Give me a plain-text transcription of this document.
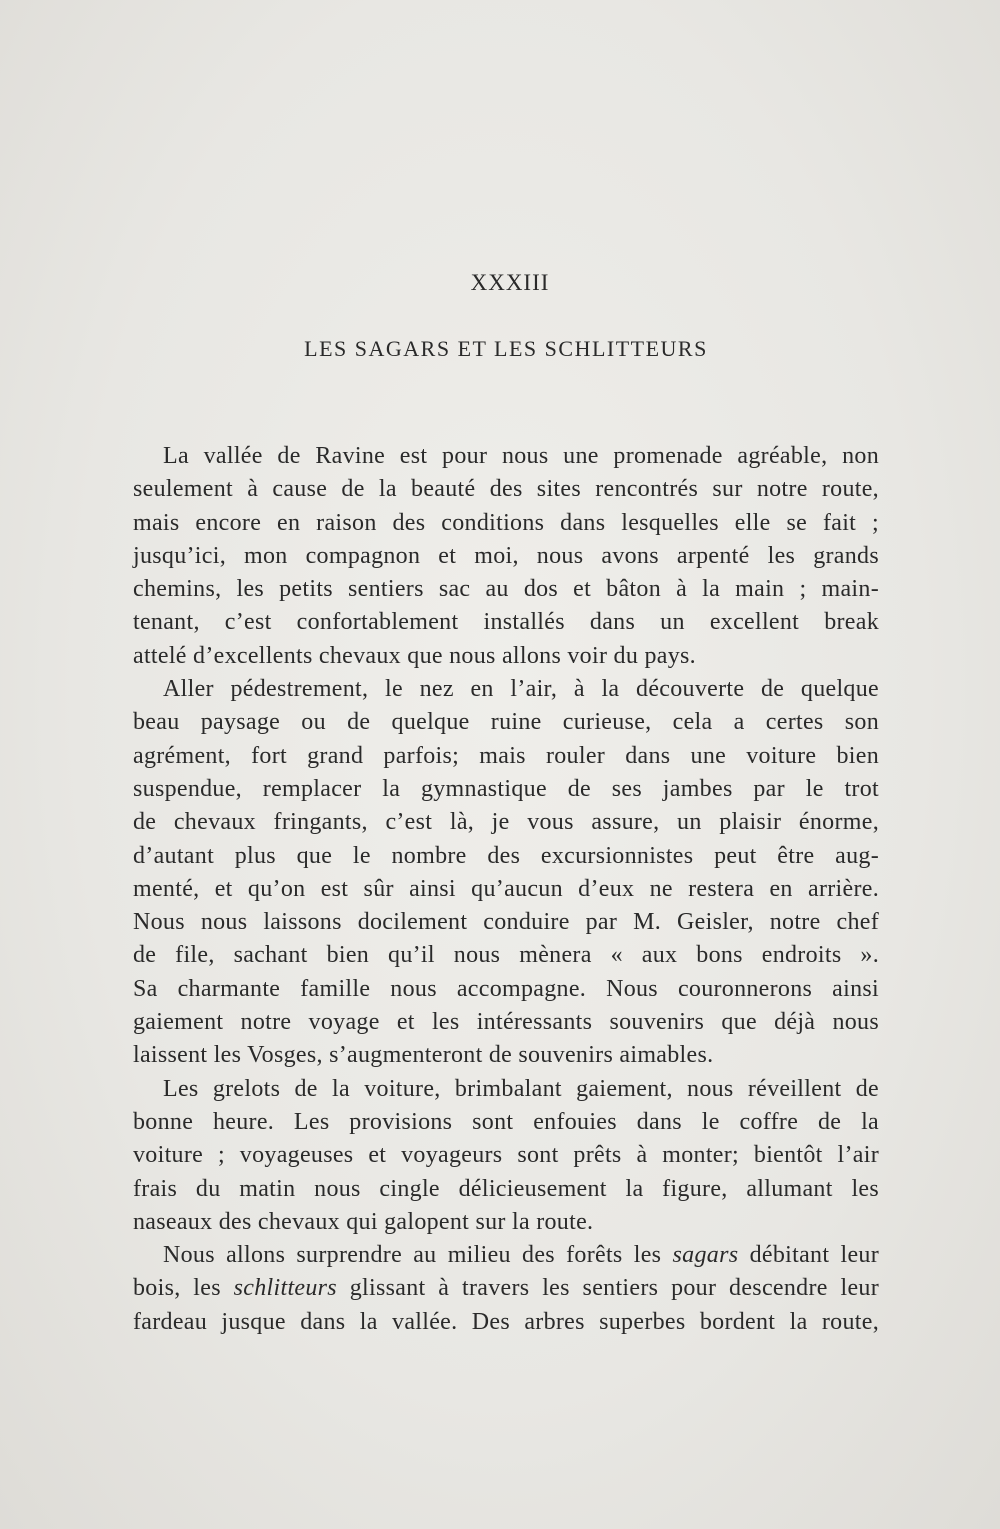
XXXIII
LES SAGARS ET LES SCHLITTEURS
La vallée de Ravine est pour nous une promenade agréable, non
seulement à cause de la beauté des sites rencontrés sur notre route,
mais encore en raison des conditions dans lesquelles elle se fait ;
jusqu’ici, mon compagnon et moi, nous avons arpenté les grands
chemins, les petits sentiers sac au dos et bâton à la main ; main-
tenant, c’est confortablement installés dans un excellent break
attelé d’excellents chevaux que nous allons voir du pays.
Aller pédestrement, le nez en l’air, à la découverte de quelque
beau paysage ou de quelque ruine curieuse, cela a certes son
agrément, fort grand parfois; mais rouler dans une voiture bien
suspendue, remplacer la gymnastique de ses jambes par le trot
de chevaux fringants, c’est là, je vous assure, un plaisir énorme,
d’autant plus que le nombre des excursionnistes peut être aug-
menté, et qu’on est sûr ainsi qu’aucun d’eux ne restera en arrière.
Nous nous laissons docilement conduire par M. Geisler, notre chef
de file, sachant bien qu’il nous mènera « aux bons endroits ».
Sa charmante famille nous accompagne. Nous couronnerons ainsi
gaiement notre voyage et les intéressants souvenirs que déjà nous
laissent les Vosges, s’augmenteront de souvenirs aimables.
Les grelots de la voiture, brimbalant gaiement, nous réveillent de
bonne heure. Les provisions sont enfouies dans le coffre de la
voiture ; voyageuses et voyageurs sont prêts à monter; bientôt l’air
frais du matin nous cingle délicieusement la figure, allumant les
naseaux des chevaux qui galopent sur la route.
Nous allons surprendre au milieu des forêts les sagars débitant leur
bois, les schlitteurs glissant à travers les sentiers pour descendre leur
fardeau jusque dans la vallée. Des arbres superbes bordent la route,
